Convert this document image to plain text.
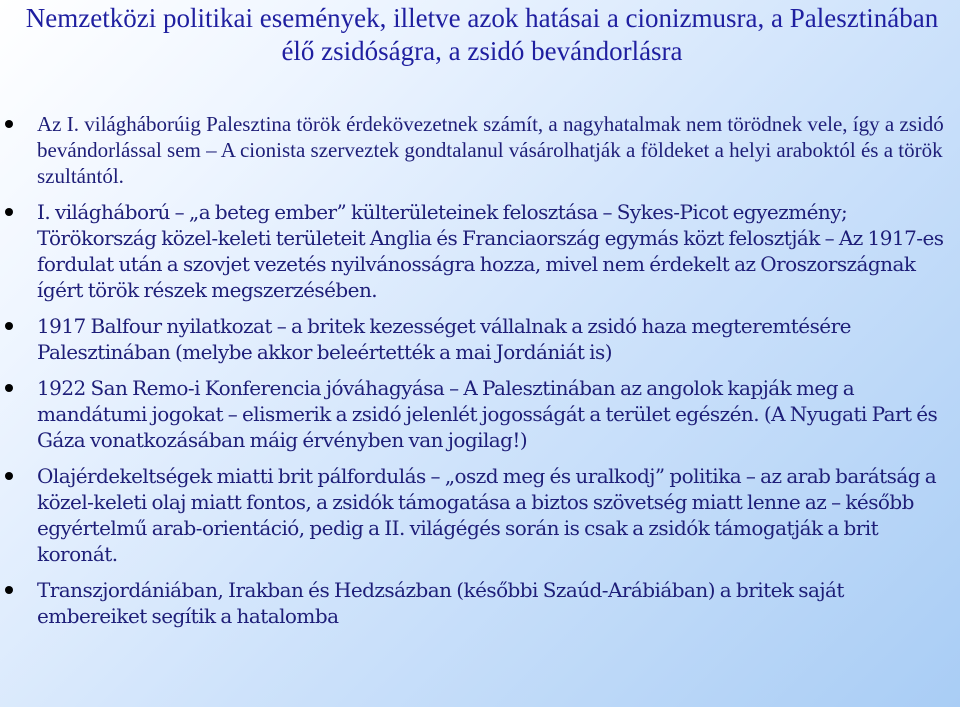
Nemzetközi politikai események, illetve azok hatásai a cionizmusra, a Palesztinában élő zsidóságra, a zsidó bevándorlásra
Az I. világháborúig Palesztina török érdekövezetnek számít, a nagyhatalmak nem törödnek vele, így a zsidó bevándorlással sem – A cionista szerveztek gondtalanul vásárolhatják a földeket a helyi araboktól és a török szultántól.
I. világháború – „a beteg ember” külterületeinek felosztása – Sykes-Picot egyezmény; Törökország közel-keleti területeit Anglia és Franciaország egymás közt felosztják – Az 1917-es fordulat után a szovjet vezetés nyilvánosságra hozza, mivel nem érdekelt az Oroszországnak ígért török részek megszerzésében.
1917 Balfour nyilatkozat – a britek kezességet vállalnak a zsidó haza megteremtésére Palesztinában (melybe akkor beleértették a mai Jordániát is)
1922 San Remo-i Konferencia jóváhagyása – A Palesztinában az angolok kapják meg a mandátumi jogokat – elismerik a zsidó jelenlét jogosságát a terület egészén. (A Nyugati Part és Gáza vonatkozásában máig érvényben van jogilag!)
Olajérdekeltségek miatti brit pálfordulás – „oszd meg és uralkodj” politika – az arab barátság a közel-keleti olaj miatt fontos, a zsidók támogatása a biztos szövetség miatt lenne az – később egyértelmű arab-orientáció, pedig a II. világégés során is csak a zsidók támogatják a brit koronát.
Transzjordániában, Irakban és Hedzsázban (későbbi Szaúd-Arábiában) a britek saját embereiket segítik a hatalomba
